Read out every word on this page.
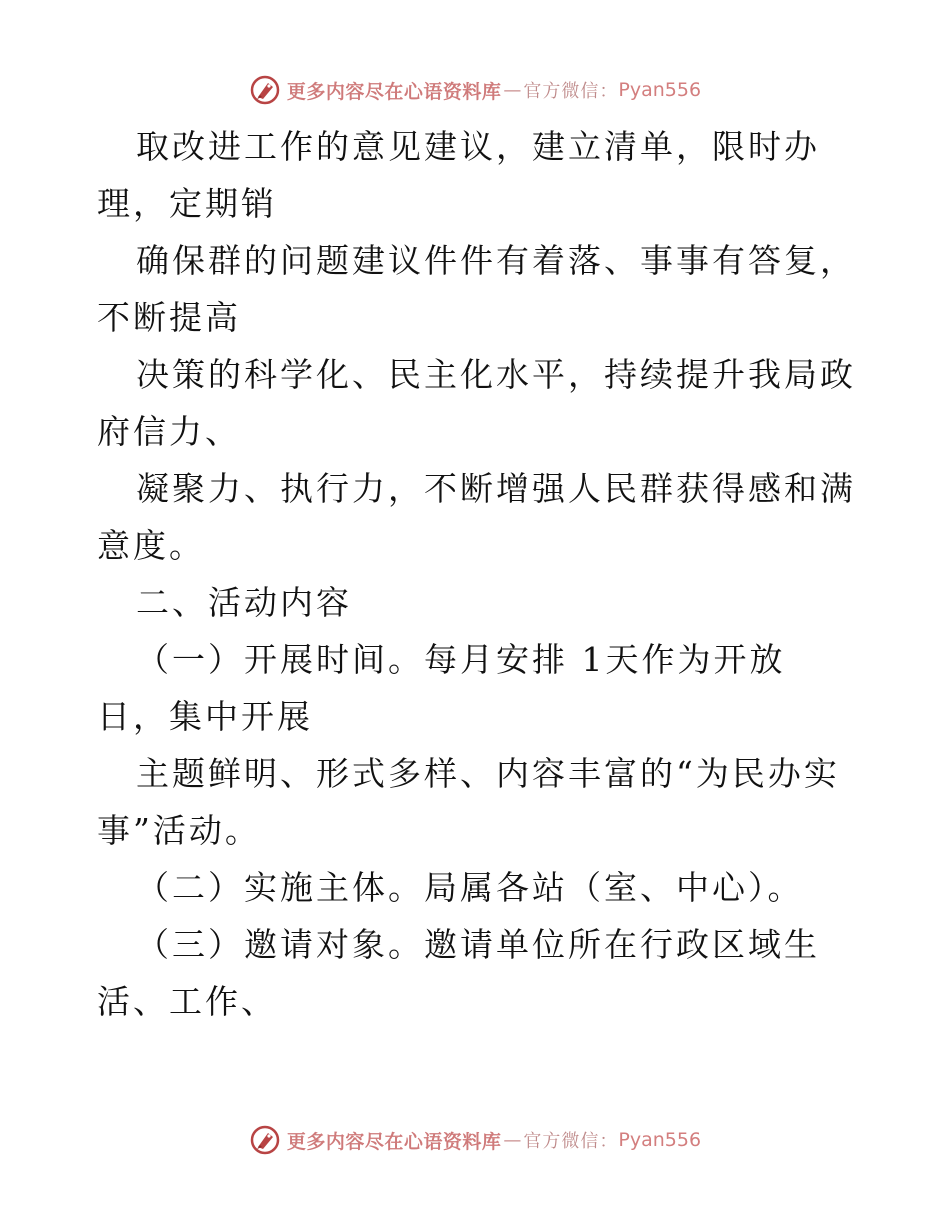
更多内容尽在心语资料库 — 官方微信： Pyan556

取改进工作的意见建议，建立清单，限时办理，定期销

确保群的问题建议件件有着落、事事有答复，不断提高

决策的科学化、民主化水平，持续提升我局政府信力、

凝聚力、执行力，不断增强人民群获得感和满意度。

二、活动内容

（一）开展时间。每月安排 1天作为开放日，集中开展

主题鲜明、形式多样、内容丰富的“为民办实事”活动。

（二）实施主体。局属各站（室、中心）。

（三）邀请对象。邀请单位所在行政区域生活、工作、

更多内容尽在心语资料库 — 官方微信： Pyan556
